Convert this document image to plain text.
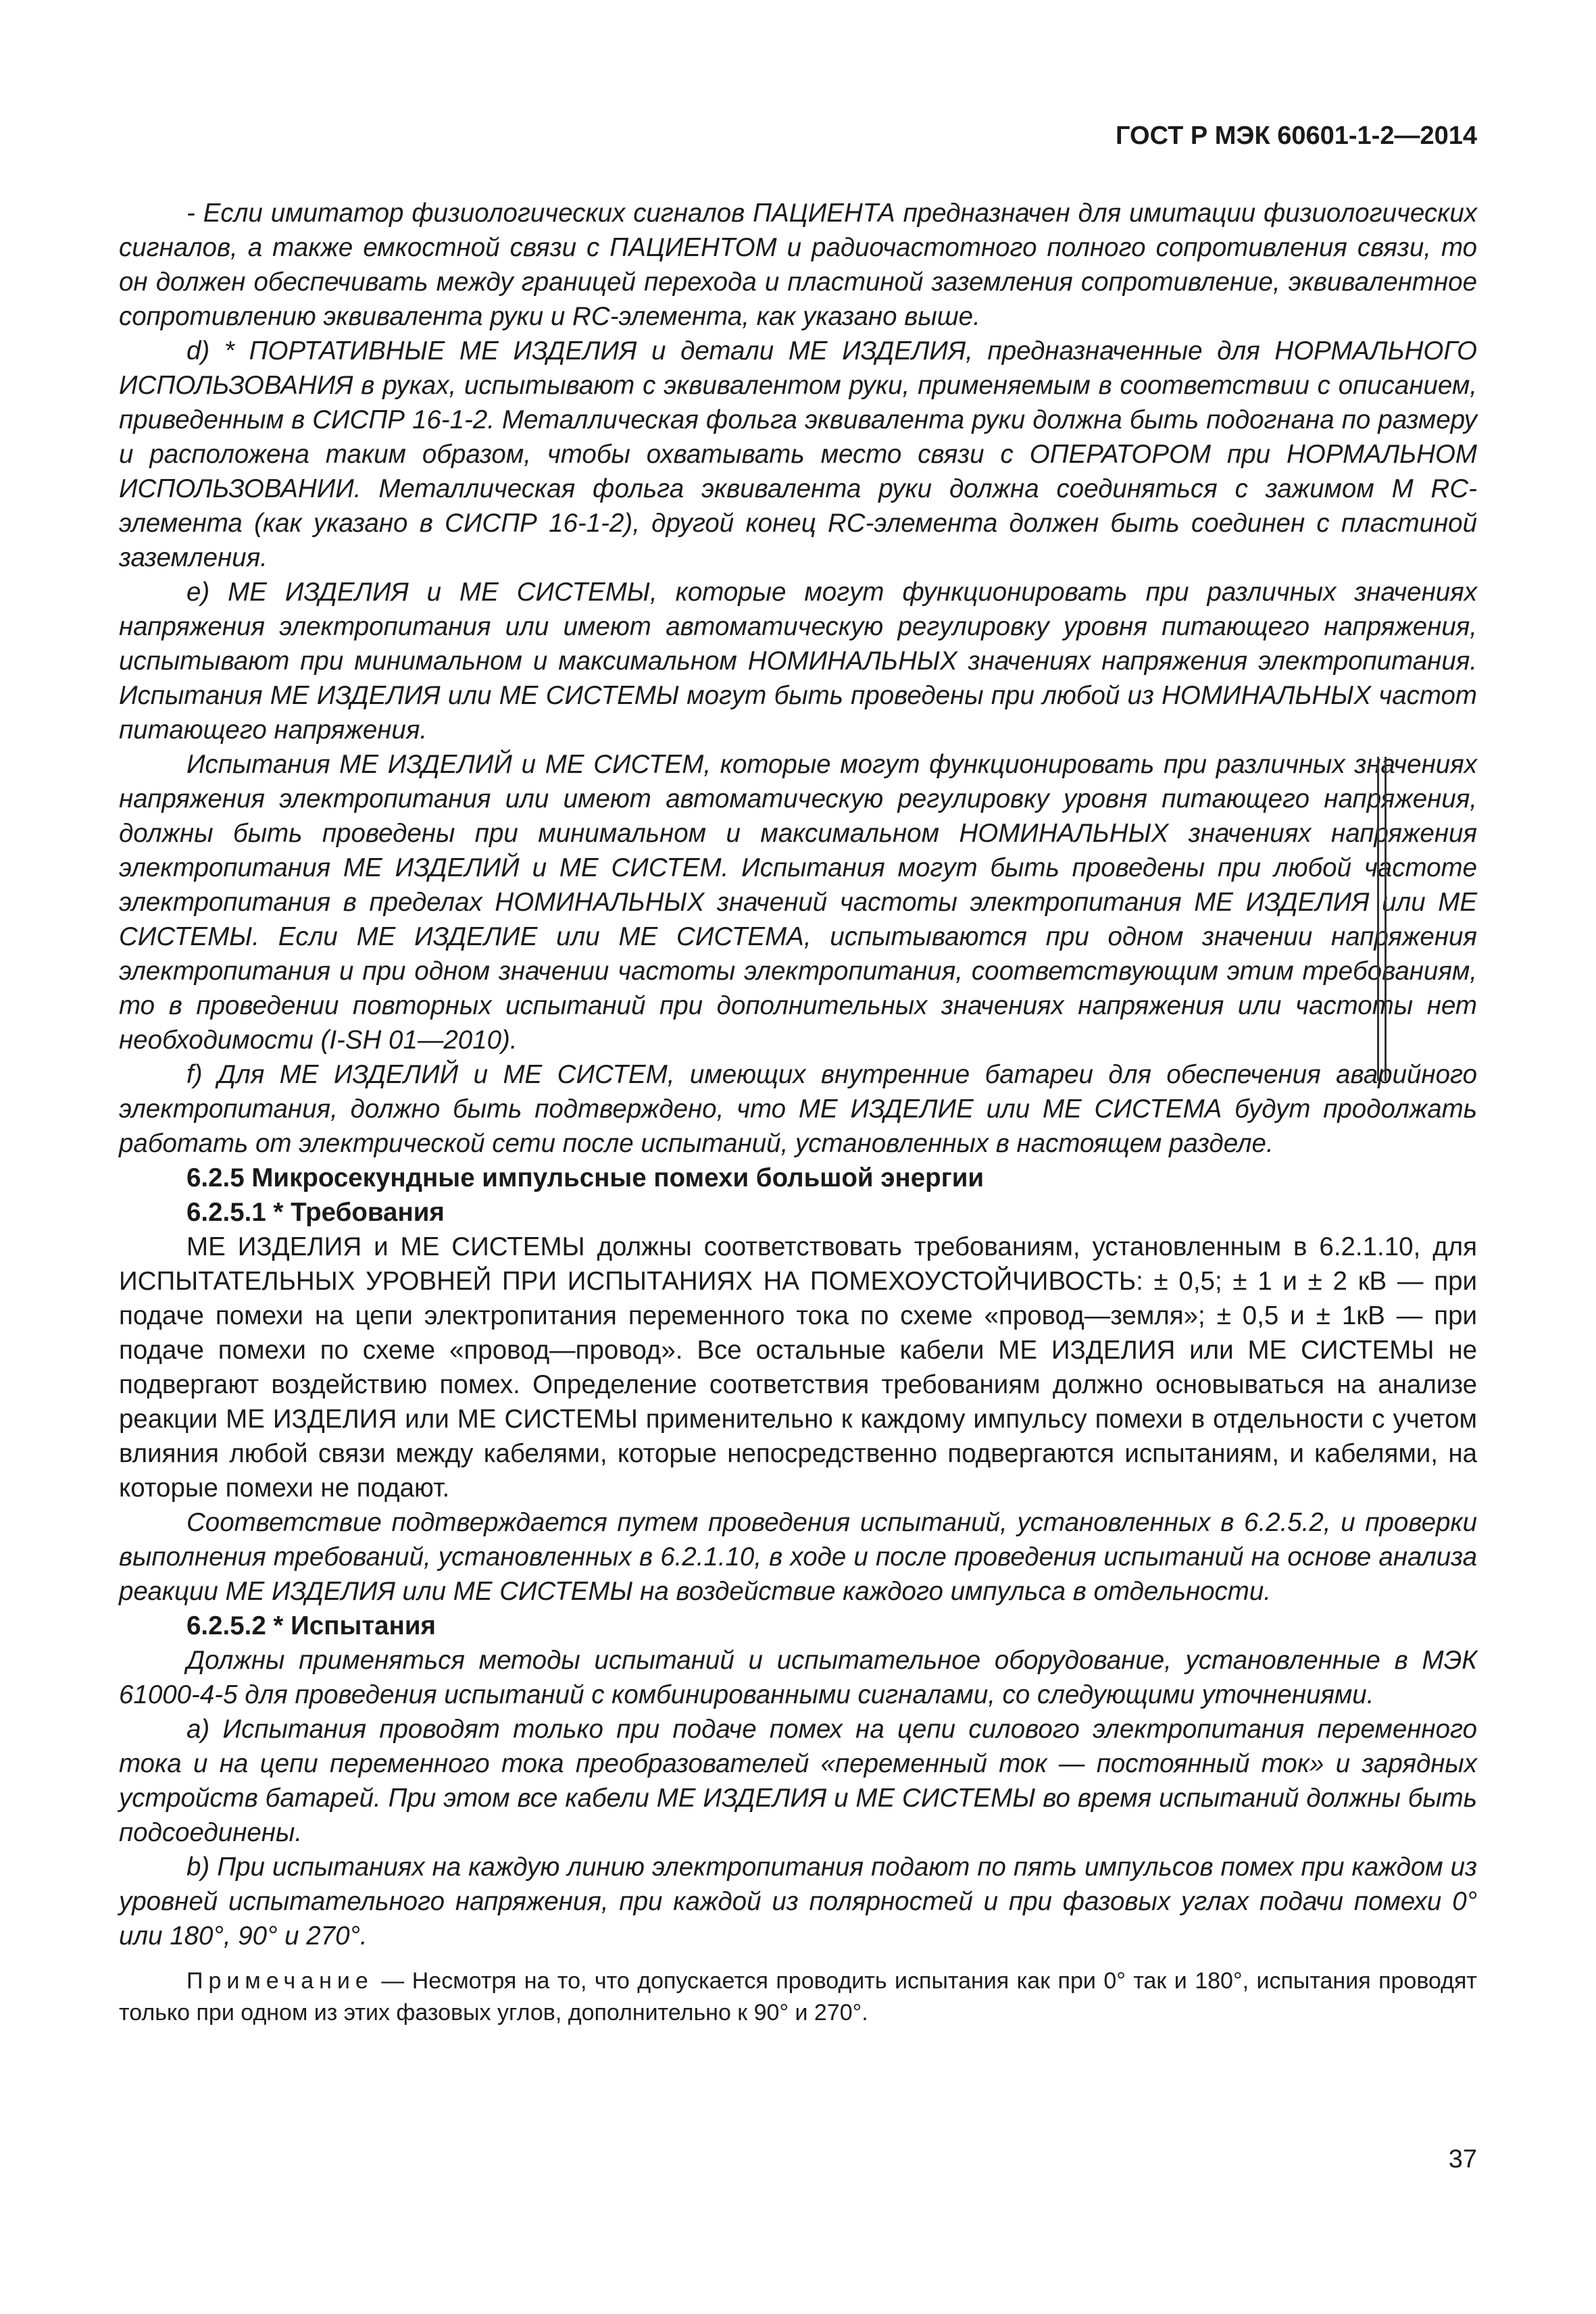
ГОСТ Р МЭК 60601-1-2—2014

- Если имитатор физиологических сигналов ПАЦИЕНТА предназначен для имитации физиологических сигналов, а также емкостной связи с ПАЦИЕНТОМ и радиочастотного полного сопротивления связи, то он должен обеспечивать между границей перехода и пластиной заземления сопротивление, эквивалентное сопротивлению эквивалента руки и RC-элемента, как указано выше.

d) * ПОРТАТИВНЫЕ МЕ ИЗДЕЛИЯ и детали МЕ ИЗДЕЛИЯ, предназначенные для НОРМАЛЬНОГО ИСПОЛЬЗОВАНИЯ в руках, испытывают с эквивалентом руки, применяемым в соответствии с описанием, приведенным в СИСПР 16-1-2. Металлическая фольга эквивалента руки должна быть подогнана по размеру и расположена таким образом, чтобы охватывать место связи с ОПЕРАТОРОМ при НОРМАЛЬНОМ ИСПОЛЬЗОВАНИИ. Металлическая фольга эквивалента руки должна соединяться с зажимом M RC-элемента (как указано в СИСПР 16-1-2), другой конец RC-элемента должен быть соединен с пластиной заземления.

e) МЕ ИЗДЕЛИЯ и МЕ СИСТЕМЫ, которые могут функционировать при различных значениях напряжения электропитания или имеют автоматическую регулировку уровня питающего напряжения, испытывают при минимальном и максимальном НОМИНАЛЬНЫХ значениях напряжения электропитания. Испытания МЕ ИЗДЕЛИЯ или МЕ СИСТЕМЫ могут быть проведены при любой из НОМИНАЛЬНЫХ частот питающего напряжения.

Испытания МЕ ИЗДЕЛИЙ и МЕ СИСТЕМ, которые могут функционировать при различных значениях напряжения электропитания или имеют автоматическую регулировку уровня питающего напряжения, должны быть проведены при минимальном и максимальном НОМИНАЛЬНЫХ значениях напряжения электропитания МЕ ИЗДЕЛИЙ и МЕ СИСТЕМ. Испытания могут быть проведены при любой частоте электропитания в пределах НОМИНАЛЬНЫХ значений частоты электропитания МЕ ИЗДЕЛИЯ или МЕ СИСТЕМЫ. Если МЕ ИЗДЕЛИЕ или МЕ СИСТЕМА, испытываются при одном значении напряжения электропитания и при одном значении частоты электропитания, соответствующим этим требованиям, то в проведении повторных испытаний при дополнительных значениях напряжения или частоты нет необходимости (I-SH 01—2010).

f) Для МЕ ИЗДЕЛИЙ и МЕ СИСТЕМ, имеющих внутренние батареи для обеспечения аварийного электропитания, должно быть подтверждено, что МЕ ИЗДЕЛИЕ или МЕ СИСТЕМА будут продолжать работать от электрической сети после испытаний, установленных в настоящем разделе.

6.2.5 Микросекундные импульсные помехи большой энергии
6.2.5.1 * Требования

МЕ ИЗДЕЛИЯ и МЕ СИСТЕМЫ должны соответствовать требованиям, установленным в 6.2.1.10, для ИСПЫТАТЕЛЬНЫХ УРОВНЕЙ ПРИ ИСПЫТАНИЯХ НА ПОМЕХОУСТОЙЧИВОСТЬ: ± 0,5; ± 1 и ± 2 кВ — при подаче помехи на цепи электропитания переменного тока по схеме «провод—земля»; ± 0,5 и ± 1кВ — при подаче помехи по схеме «провод—провод». Все остальные кабели МЕ ИЗДЕЛИЯ или МЕ СИСТЕМЫ не подвергают воздействию помех. Определение соответствия требованиям должно основываться на анализе реакции МЕ ИЗДЕЛИЯ или МЕ СИСТЕМЫ применительно к каждому импульсу помехи в отдельности с учетом влияния любой связи между кабелями, которые непосредственно подвергаются испытаниям, и кабелями, на которые помехи не подают.

Соответствие подтверждается путем проведения испытаний, установленных в 6.2.5.2, и проверки выполнения требований, установленных в 6.2.1.10, в ходе и после проведения испытаний на основе анализа реакции МЕ ИЗДЕЛИЯ или МЕ СИСТЕМЫ на воздействие каждого импульса в отдельности.

6.2.5.2 * Испытания

Должны применяться методы испытаний и испытательное оборудование, установленные в МЭК 61000-4-5 для проведения испытаний с комбинированными сигналами, со следующими уточнениями.

a) Испытания проводят только при подаче помех на цепи силового электропитания переменного тока и на цепи переменного тока преобразователей «переменный ток — постоянный ток» и зарядных устройств батарей. При этом все кабели МЕ ИЗДЕЛИЯ и МЕ СИСТЕМЫ во время испытаний должны быть подсоединены.

b) При испытаниях на каждую линию электропитания подают по пять импульсов помех при каждом из уровней испытательного напряжения, при каждой из полярностей и при фазовых углах подачи помехи 0° или 180°, 90° и 270°.

Примечание — Несмотря на то, что допускается проводить испытания как при 0° так и 180°, испытания проводят только при одном из этих фазовых углов, дополнительно к 90° и 270°.
37
